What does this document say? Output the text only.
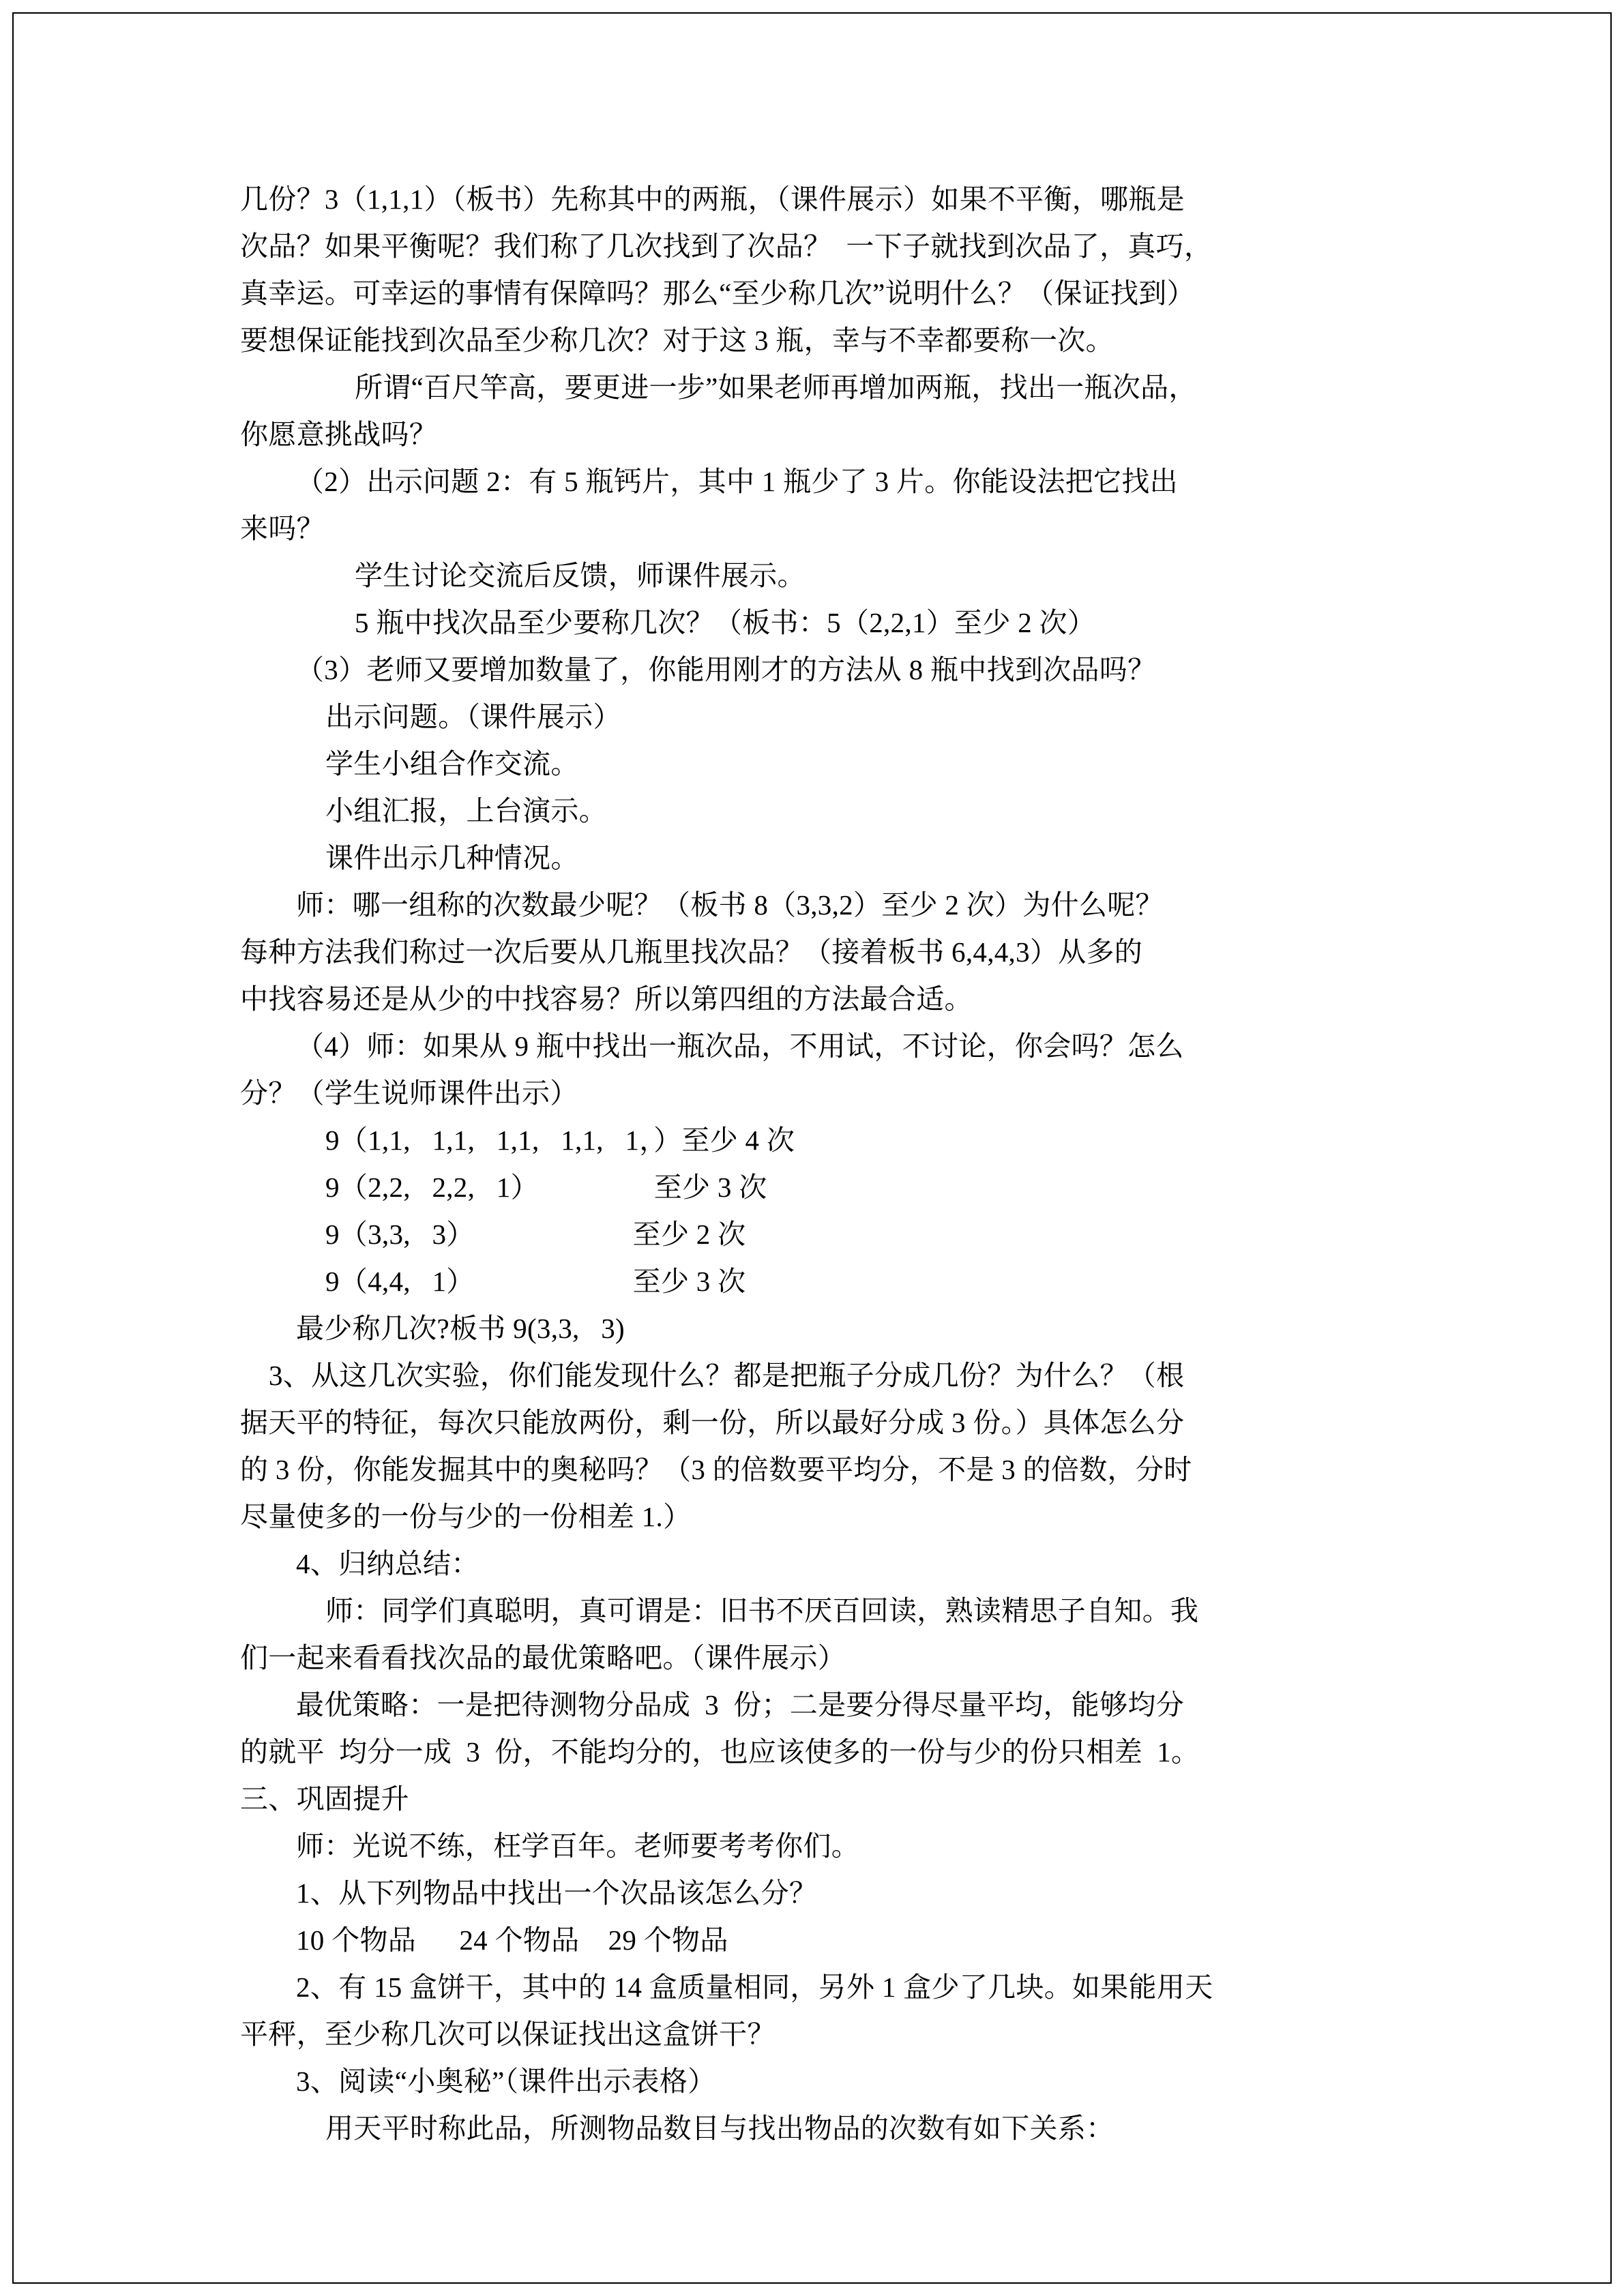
几份？3（1,1,1）（板书）先称其中的两瓶，（课件展示）如果不平衡，哪瓶是
次品？如果平衡呢？我们称了几次找到了次品？  一下子就找到次品了，真巧，
真幸运。可幸运的事情有保障吗？那么“至少称几次”说明什么？（保证找到）
要想保证能找到次品至少称几次？对于这 3 瓶，幸与不幸都要称一次。
所谓“百尺竿高，要更进一步”如果老师再增加两瓶，找出一瓶次品，
你愿意挑战吗？
（2）出示问题 2：有 5 瓶钙片，其中 1 瓶少了 3 片。你能设法把它找出
来吗？
学生讨论交流后反馈，师课件展示。
5 瓶中找次品至少要称几次？（板书：5（2,2,1）至少 2 次）
（3）老师又要增加数量了，你能用刚才的方法从 8 瓶中找到次品吗？
出示问题。（课件展示）
学生小组合作交流。
小组汇报，上台演示。
课件出示几种情况。
师：哪一组称的次数最少呢？（板书 8（3,3,2）至少 2 次）为什么呢？
每种方法我们称过一次后要从几瓶里找次品？（接着板书 6,4,4,3）从多的
中找容易还是从少的中找容易？所以第四组的方法最合适。
（4）师：如果从 9 瓶中找出一瓶次品，不用试，不讨论，你会吗？怎么
分？（学生说师课件出示）
9（1,1,   1,1,   1,1,   1,1,   1，）至少 4 次
9（2,2,   2,2,   1）                至少 3 次
9（3,3,   3）                      至少 2 次
9（4,4,   1）                      至少 3 次
最少称几次?板书 9(3,3,   3)
3、从这几次实验，你们能发现什么？都是把瓶子分成几份？为什么？（根
据天平的特征，每次只能放两份，剩一份，所以最好分成 3 份。）具体怎么分
的 3 份，你能发掘其中的奥秘吗？（3 的倍数要平均分，不是 3 的倍数，分时
尽量使多的一份与少的一份相差 1.）
4、归纳总结：
师：同学们真聪明，真可谓是：旧书不厌百回读，熟读精思子自知。我
们一起来看看找次品的最优策略吧。（课件展示）
最优策略：一是把待测物分品成  3  份；二是要分得尽量平均，能够均分
的就平  均分一成  3  份，不能均分的，也应该使多的一份与少的份只相差  1。
三、巩固提升
师：光说不练，枉学百年。老师要考考你们。
1、从下列物品中找出一个次品该怎么分？
10 个物品      24 个物品    29 个物品
2、有 15 盒饼干，其中的 14 盒质量相同，另外 1 盒少了几块。如果能用天
平秤，至少称几次可以保证找出这盒饼干？
3、阅读“小奥秘”（课件出示表格）
用天平时称此品，所测物品数目与找出物品的次数有如下关系：
